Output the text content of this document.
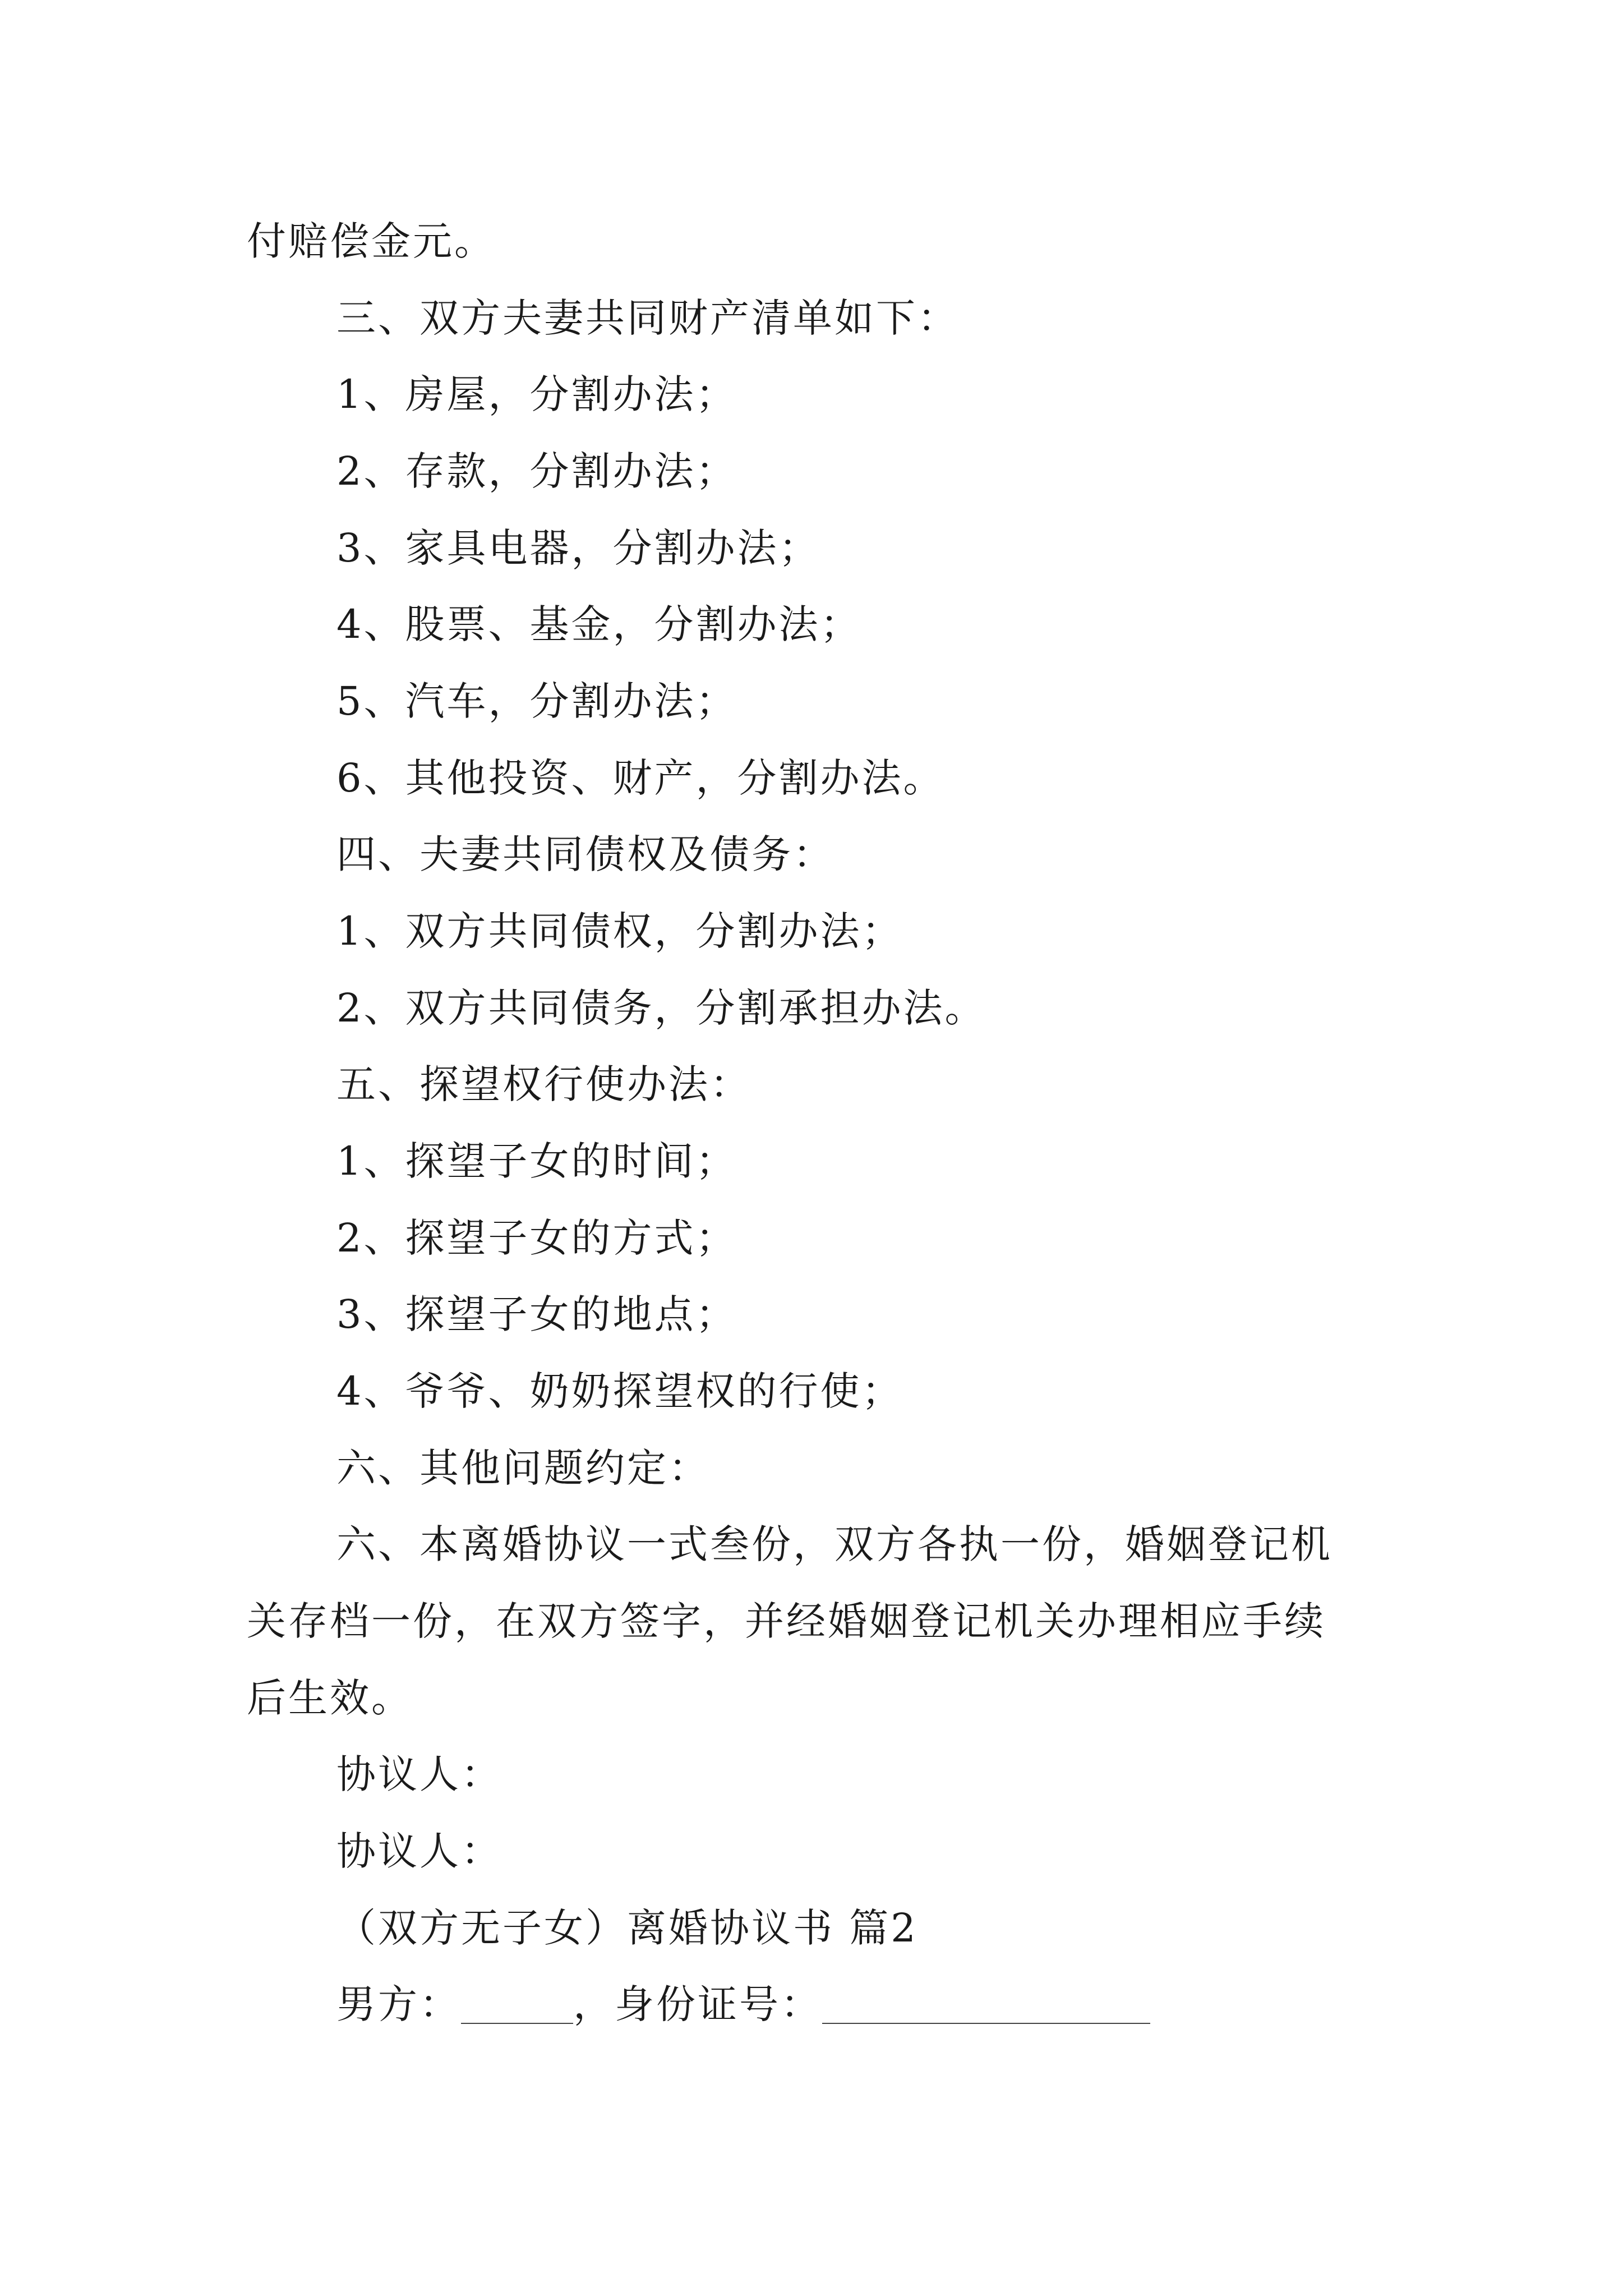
付赔偿金元。
三、双方夫妻共同财产清单如下：
1、房屋，分割办法；
2、存款，分割办法；
3、家具电器，分割办法；
4、股票、基金，分割办法；
5、汽车，分割办法；
6、其他投资、财产，分割办法。
四、夫妻共同债权及债务：
1、双方共同债权，分割办法；
2、双方共同债务，分割承担办法。
五、探望权行使办法：
1、探望子女的时间；
2、探望子女的方式；
3、探望子女的地点；
4、爷爷、奶奶探望权的行使；
六、其他问题约定：
六、本离婚协议一式叁份，双方各执一份，婚姻登记机
关存档一份，在双方签字，并经婚姻登记机关办理相应手续
后生效。
协议人：
协议人：
（双方无子女）离婚协议书 篇2
男方：	，身份证号：
